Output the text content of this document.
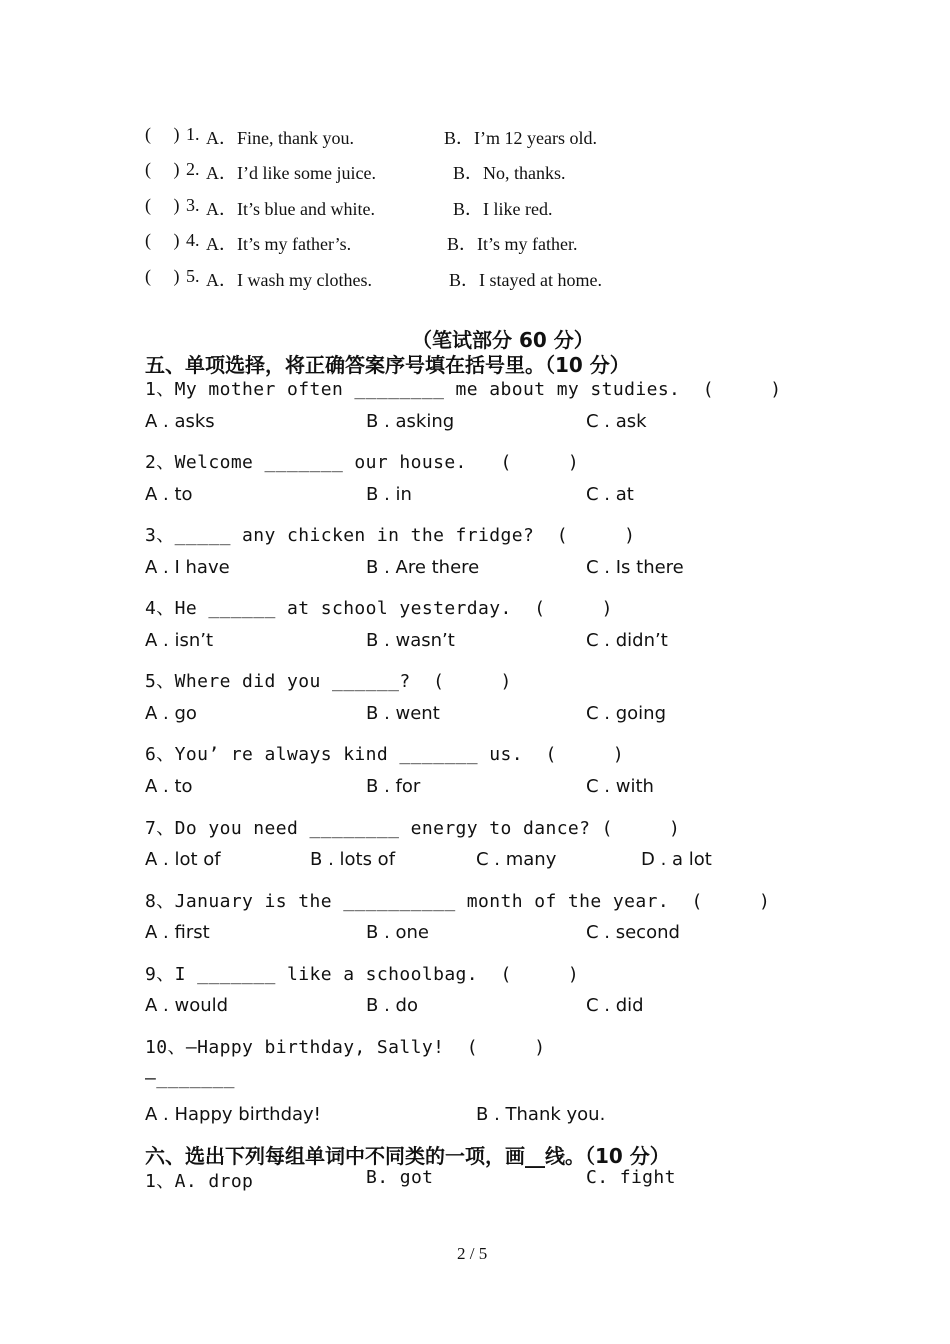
(     ) 1. A．Fine, thank you.	B．I’m 12 years old.
(     ) 2. A．I’d like some juice.	B．No, thanks.
(     ) 3. A．It’s blue and white.	B．I like red.
(     ) 4. A．It’s my father’s.	B．It’s my father.
(     ) 5. A．I wash my clothes.	B．I stayed at home.
（笔试部分 60 分）
五、单项选择，将正确答案序号填在括号里。（10 分）
1、My mother often ________ me about my studies.  (     )
A . asks	B . asking	C . ask
2、Welcome _______ our house.   (     )
A . to	B . in	C . at
3、_____ any chicken in the fridge?  (     )
A . I have	B . Are there	C . Is there
4、He ______ at school yesterday.  (     )
A . isn’t	B . wasn’t	C . didn’t
5、Where did you ______?  (     )
A . go	B . went	C . going
6、You’ re always kind _______ us.  (     )
A . to	B . for	C . with
7、Do you need ________ energy to dance? (     )
A . lot of	B . lots of	C . many	D . a lot
8、January is the __________ month of the year.  (     )
A . first	B . one	C . second
9、I _______ like a schoolbag.  (     )
A . would	B . do	C . did
10、—Happy birthday, Sally!  (     )
—_______
A . Happy birthday!	B . Thank you.
六、选出下列每组单词中不同类的一项，画__线。（10 分）
1、A. drop	B. got	C. fight
2 / 5
